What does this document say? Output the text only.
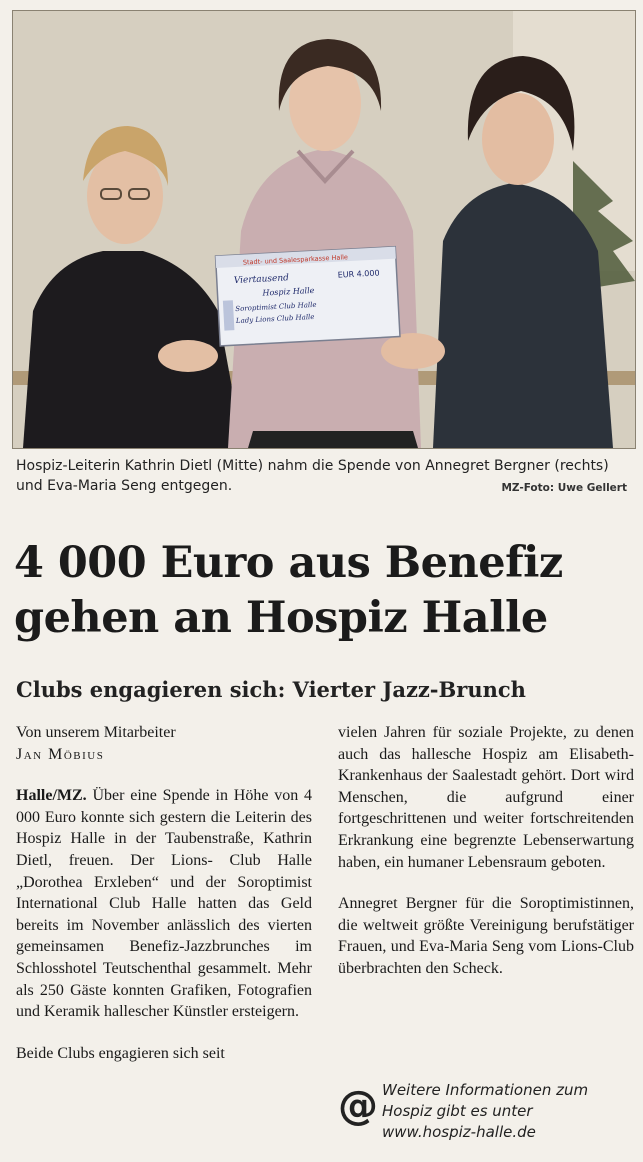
Stadt- und Saalesparkasse Halle
Viertausend	EUR 4.000
Hospiz Halle
Soroptimist Club Halle
Lady Lions Club Halle
Hospiz-Leiterin Kathrin Dietl (Mitte) nahm die Spende von Annegret Bergner (rechts) und Eva-Maria Seng entgegen.	MZ-Foto: Uwe Gellert
4 000 Euro aus Benefiz
gehen an Hospiz Halle
Clubs engagieren sich: Vierter Jazz-Brunch
Von unserem Mitarbeiter
Jan Möbius

Halle/MZ. Über eine Spende in Höhe von 4 000 Euro konnte sich gestern die Leiterin des Hospiz Halle in der Taubenstraße, Kathrin Dietl, freuen. Der Lions- Club Halle „Dorothea Erxleben“ und der Soroptimist International Club Halle hatten das Geld bereits im November anlässlich des vierten gemeinsamen Benefiz-Jazzbrunches im Schlosshotel Teutschenthal gesammelt. Mehr als 250 Gäste konnten Grafiken, Fotografien und Keramik hallescher Künstler ersteigern.

Beide Clubs engagieren sich seit

vielen Jahren für soziale Projekte, zu denen auch das hallesche Hospiz am Elisabeth-Krankenhaus der Saalestadt gehört. Dort wird Menschen, die aufgrund einer fortgeschrittenen und weiter fortschreitenden Erkrankung eine begrenzte Lebenserwartung haben, ein humaner Lebensraum geboten.

Annegret Bergner für die Soroptimistinnen, die weltweit größte Vereinigung berufstätiger Frauen, und Eva-Maria Seng vom Lions-Club überbrachten den Scheck.

@ Weitere Informationen zum
Hospiz gibt es unter
www.hospiz-halle.de
